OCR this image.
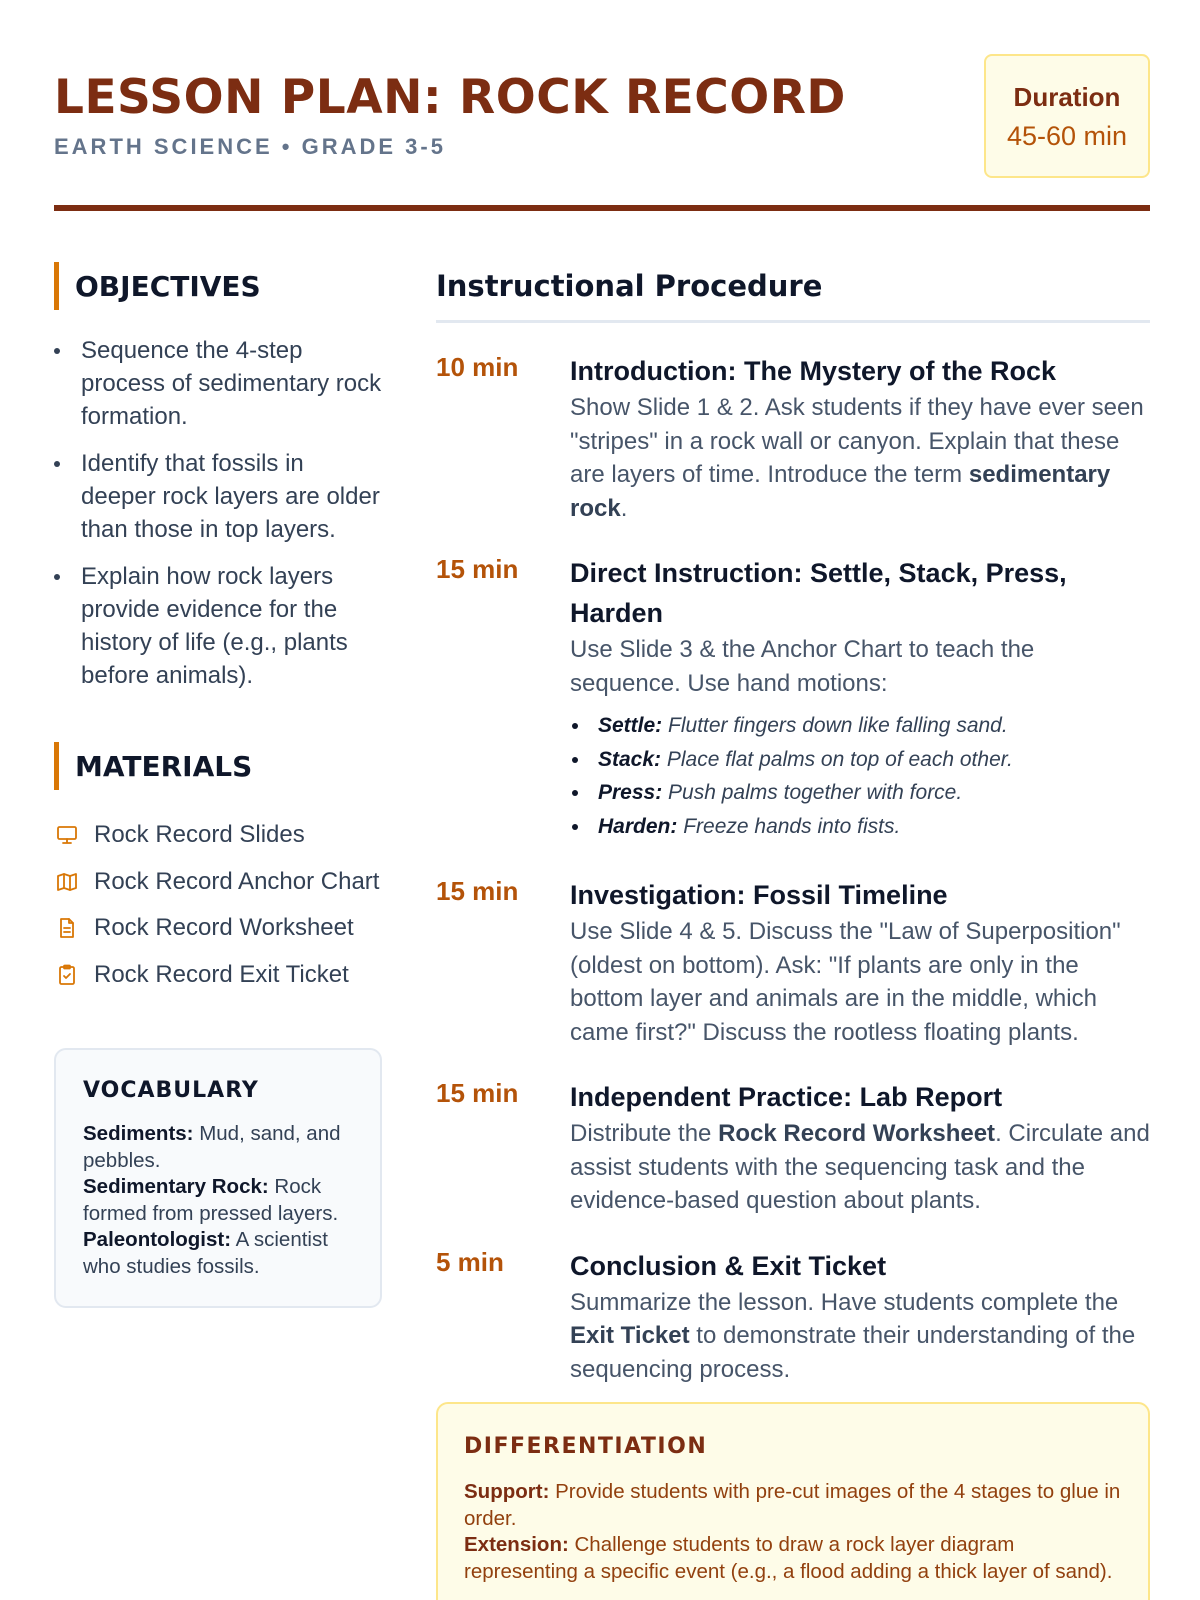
LESSON PLAN: ROCK RECORD
EARTH SCIENCE • GRADE 3-5
Duration
45-60 min
OBJECTIVES
Sequence the 4-step process of sedimentary rock formation.
Identify that fossils in deeper rock layers are older than those in top layers.
Explain how rock layers provide evidence for the history of life (e.g., plants before animals).
MATERIALS
Rock Record Slides
Rock Record Anchor Chart
Rock Record Worksheet
Rock Record Exit Ticket
VOCABULARY
Sediments: Mud, sand, and pebbles.
Sedimentary Rock: Rock formed from pressed layers.
Paleontologist: A scientist who studies fossils.
Instructional Procedure
10 min	Introduction: The Mystery of the Rock
Show Slide 1 & 2. Ask students if they have ever seen "stripes" in a rock wall or canyon. Explain that these are layers of time. Introduce the term sedimentary rock.
15 min	Direct Instruction: Settle, Stack, Press, Harden
Use Slide 3 & the Anchor Chart to teach the sequence. Use hand motions:
Settle: Flutter fingers down like falling sand.
Stack: Place flat palms on top of each other.
Press: Push palms together with force.
Harden: Freeze hands into fists.
15 min	Investigation: Fossil Timeline
Use Slide 4 & 5. Discuss the "Law of Superposition" (oldest on bottom). Ask: "If plants are only in the bottom layer and animals are in the middle, which came first?" Discuss the rootless floating plants.
15 min	Independent Practice: Lab Report
Distribute the Rock Record Worksheet. Circulate and assist students with the sequencing task and the evidence-based question about plants.
5 min	Conclusion & Exit Ticket
Summarize the lesson. Have students complete the Exit Ticket to demonstrate their understanding of the sequencing process.
DIFFERENTIATION
Support: Provide students with pre-cut images of the 4 stages to glue in order.
Extension: Challenge students to draw a rock layer diagram representing a specific event (e.g., a flood adding a thick layer of sand).
